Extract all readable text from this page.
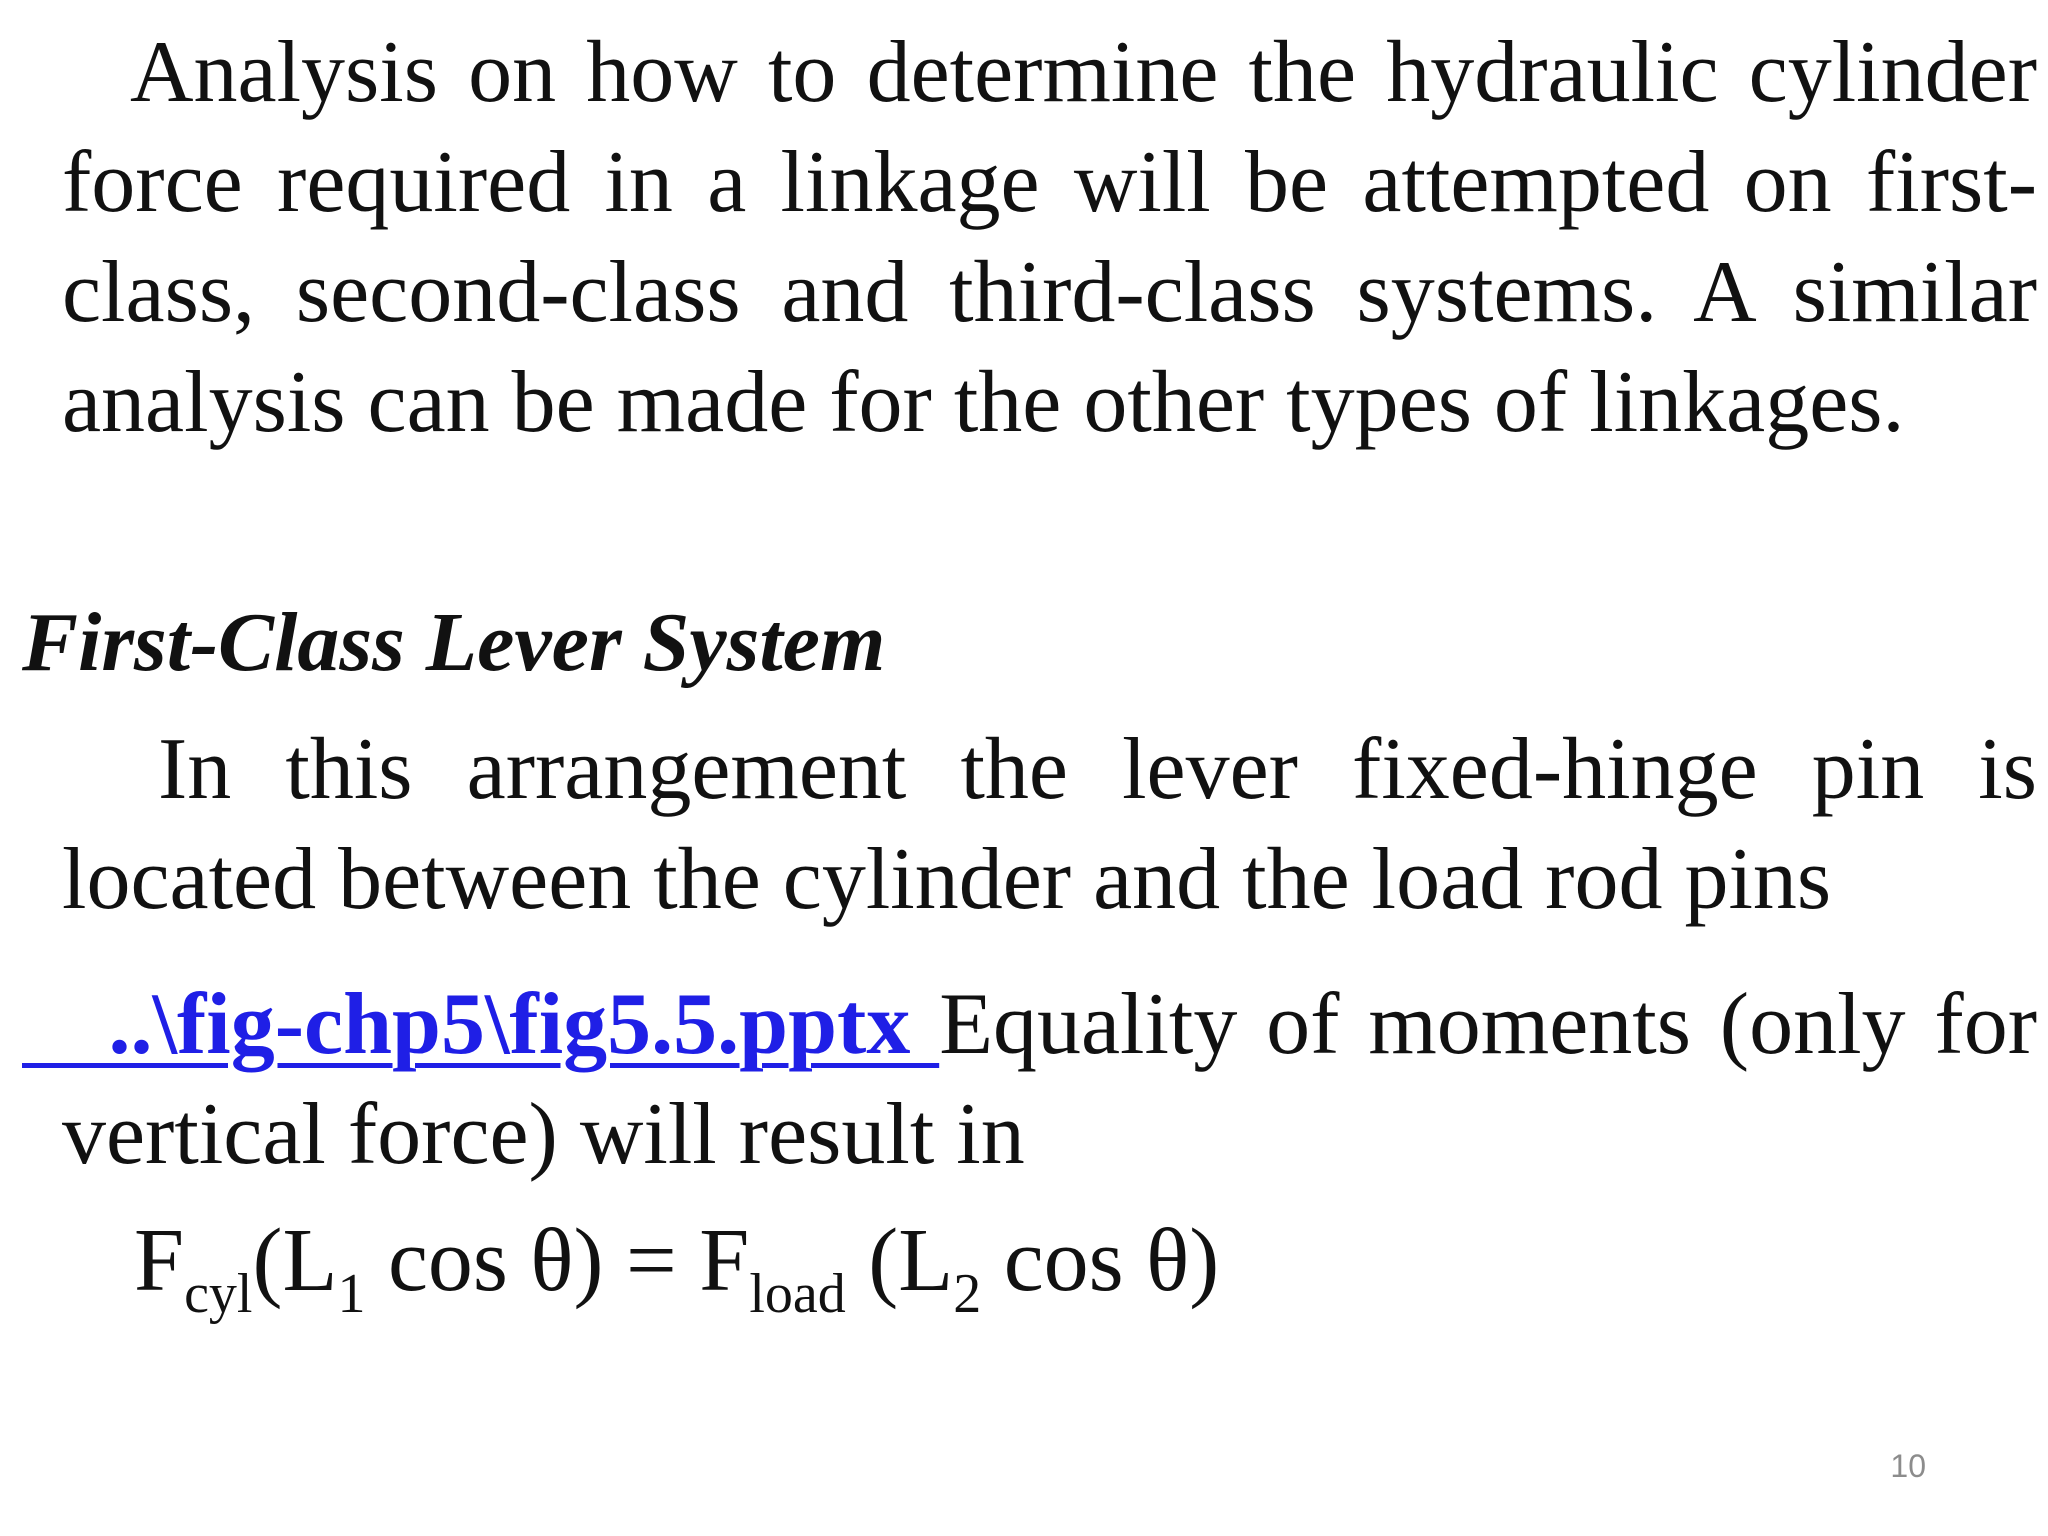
Analysis on how to determine the hydraulic cylinder force required in a linkage will be attempted on first-class, second-class and third-class systems. A similar analysis can be made for the other types of linkages.
First-Class Lever System
In this arrangement the lever fixed-hinge pin is located between the cylinder and the load rod pins
..\fig-chp5\fig5.5.pptx Equality of moments (only for vertical force) will result in
$F_{cyl}(L_1$ $\cos \theta) = F_{load}$ ($L_2$ cos θ)
10
